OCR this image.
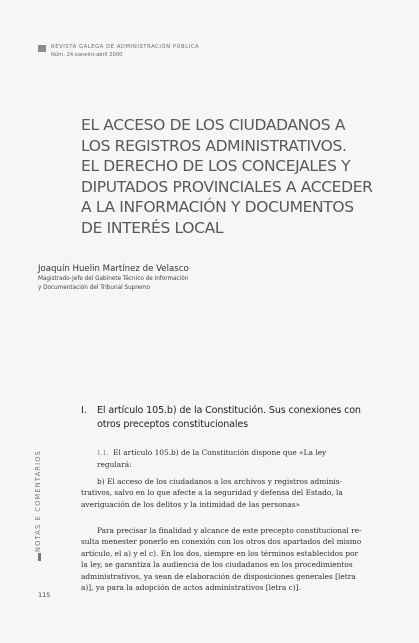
REVISTA GALEGA DE ADMINISTRACIÓN PÚBLICA
Núm. 24 xaneiro-abril 2000
EL ACCESO DE LOS CIUDADANOS A
LOS REGISTROS ADMINISTRATIVOS.
EL DERECHO DE LOS CONCEJALES Y
DIPUTADOS PROVINCIALES A ACCEDER
A LA INFORMACIÓN Y DOCUMENTOS
DE INTERÉS LOCAL
Joaquín Huelin Martínez de Velasco
Magistrado-Jefe del Gabinete Técnico de Información
y Documentación del Tribunal Supremo
I. El artículo 105.b) de la Constitución. Sus conexiones con
otros preceptos constitucionales
1.1. El artículo 105.b) de la Constitución dispone que «La ley
regulará:
b) El acceso de los ciudadanos a los archivos y registros adminis-
trativos, salvo en lo que afecte a la seguridad y defensa del Estado, la
averiguación de los delitos y la intimidad de las personas»
Para precisar la finalidad y alcance de este precepto constitucional re-
sulta menester ponerlo en conexión con los otros dos apartados del mismo
artículo, el a) y el c). En los dos, siempre en los términos establecidos por
la ley, se garantiza la audiencia de los ciudadanos en los procedimientos
administrativos, ya sean de elaboración de disposiciones generales [letra
a)], ya para la adopción de actos administrativos [letra c)].
NOTAS E COMENTARIOS
115
